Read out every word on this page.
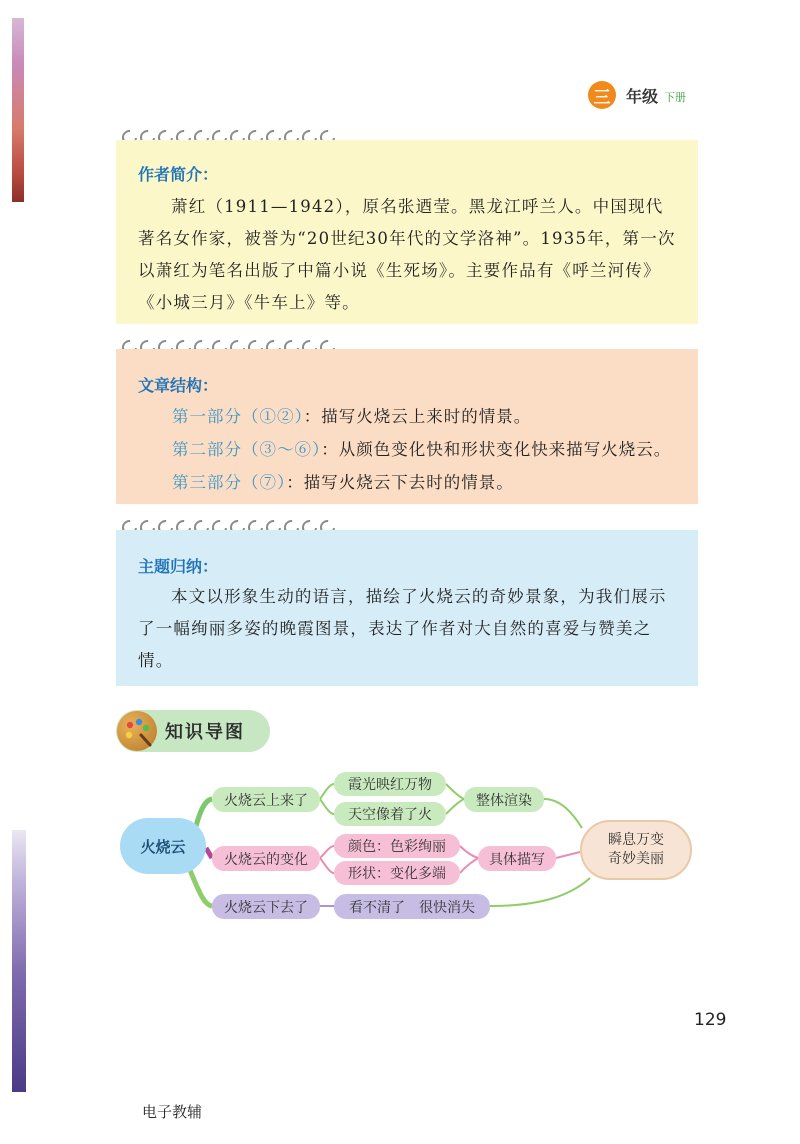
三 年级 下册

作者简介：

萧红（1911—1942），原名张迺莹。黑龙江呼兰人。中国现代著名女作家，被誉为“20世纪30年代的文学洛神”。1935年，第一次以萧红为笔名出版了中篇小说《生死场》。主要作品有《呼兰河传》《小城三月》《牛车上》等。

文章结构：

第一部分（①②）：描写火烧云上来时的情景。
第二部分（③～⑥）：从颜色变化快和形状变化快来描写火烧云。
第三部分（⑦）：描写火烧云下去时的情景。

主题归纳：

本文以形象生动的语言，描绘了火烧云的奇妙景象，为我们展示了一幅绚丽多姿的晚霞图景，表达了作者对大自然的喜爱与赞美之情。

知识导图
火烧云
火烧云上来了
霞光映红万物
天空像着了火
整体渲染
火烧云的变化
颜色：色彩绚丽
形状：变化多端
具体描写
火烧云下去了	看不清了　很快消失
瞬息万变
奇妙美丽
129
电子教辅
